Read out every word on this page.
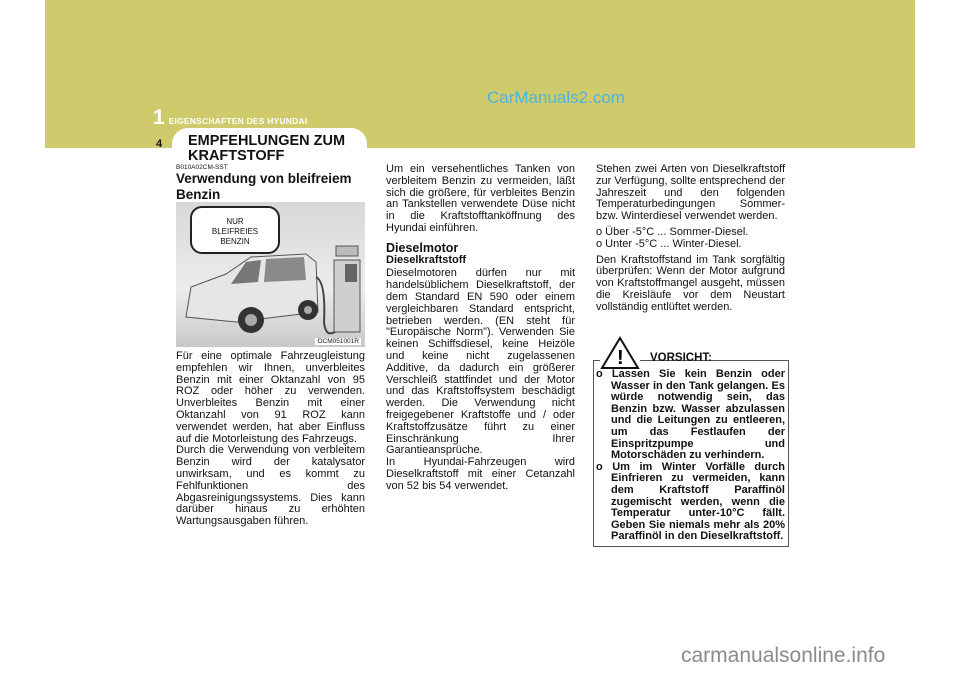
CarManuals2.com
1 EIGENSCHAFTEN DES HYUNDAI
4 EMPFEHLUNGEN ZUM KRAFTSTOFF
B010A02CM-SST
Verwendung von bleifreiem Benzin
NUR
BLEIFREIES
BENZIN
OCM051001R

Für eine optimale Fahrzeugleistung empfehlen wir Ihnen, unverbleites Benzin mit einer Oktanzahl von 95 ROZ oder höher zu verwenden. Unverbleites Benzin mit einer Oktanzahl von 91 ROZ kann verwendet werden, hat aber Einfluss auf die Motorleistung des Fahrzeugs.

Durch die Verwendung von verbleitem Benzin wird der katalysator unwirksam, und es kommt zu Fehlfunktionen des Abgasreinigungssystems. Dies kann darüber hinaus zu erhöhten Wartungsausgaben führen.

Um ein versehentliches Tanken von verbleitem Benzin zu vermeiden, läßt sich die größere, für verbleites Benzin an Tankstellen verwendete Düse nicht in die Kraftstofftanköffnung des Hyundai einführen.

Dieselmotor
Dieselkraftstoff

Dieselmotoren dürfen nur mit handelsüblichem Dieselkraftstoff, der dem Standard EN 590 oder einem vergleichbaren Standard entspricht, betrieben werden. (EN steht für "Europäische Norm"). Verwenden Sie keinen Schiffsdiesel, keine Heizöle und keine nicht zugelassenen Additive, da dadurch ein größerer Verschleiß stattfindet und der Motor und das Kraftstoffsystem beschädigt werden. Die Verwendung nicht freigegebener Kraftstoffe und / oder Kraftstoffzusätze führt zu einer Einschränkung Ihrer Garantieansprüche.

In Hyundai-Fahrzeugen wird Dieselkraftstoff mit einer Cetanzahl von 52 bis 54 verwendet.

Stehen zwei Arten von Dieselkraftstoff zur Verfügung, sollte entsprechend der Jahreszeit und den folgenden Temperaturbedingungen Sommer- bzw. Winterdiesel verwendet werden.

o Über -5°C ... Sommer-Diesel.
o Unter -5°C ... Winter-Diesel.

Den Kraftstoffstand im Tank sorgfältig überprüfen: Wenn der Motor aufgrund von Kraftstoffmangel ausgeht, müssen die Kreisläufe vor dem Neustart vollständig entlüftet werden.

! VORSICHT:
o Lassen Sie kein Benzin oder Wasser in den Tank gelangen. Es würde notwendig sein, das Benzin bzw. Wasser abzulassen und die Leitungen zu entleeren, um das Festlaufen der Einspritzpumpe und Motorschäden zu verhindern.
o Um im Winter Vorfälle durch Einfrieren zu vermeiden, kann dem Kraftstoff Paraffinöl zugemischt werden, wenn die Temperatur unter-10°C fällt. Geben Sie niemals mehr als 20% Paraffinöl in den Dieselkraftstoff.
carmanualsonline.info
